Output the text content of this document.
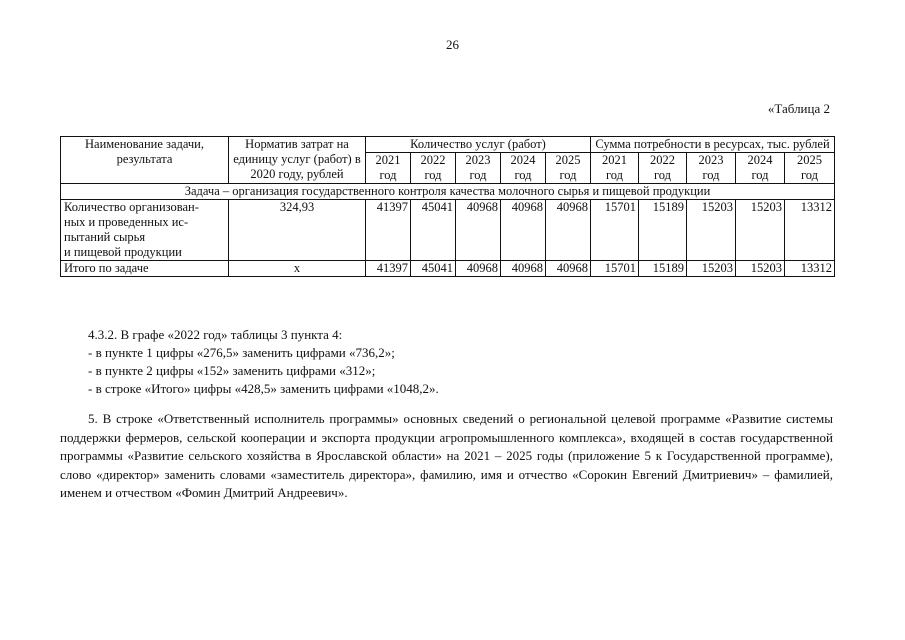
26
«Таблица 2
Наименование задачи, результата	Норматив затрат на единицу услуг (работ) в 2020 году, рублей	Количество услуг (работ)					Сумма потребности в ресурсах, тыс. рублей				
		2021	2022	2023	2024	2025	2021	2022	2023	2024	2025
		год	год	год	год	год	год	год	год	год	год
Задача – организация государственного контроля качества молочного сырья и пищевой продукции											
Количество организован-
ных и проведенных ис-
пытаний сырья
и пищевой продукции	324,93	41397	45041	40968	40968	40968	15701	15189	15203	15203	13312
Итого по задаче	х	41397	45041	40968	40968	40968	15701	15189	15203	15203	13312

4.3.2. В графе «2022 год» таблицы 3 пункта 4:

- в пункте 1 цифры «276,5» заменить цифрами «736,2»;

- в пункте 2 цифры «152» заменить цифрами «312»;

- в строке «Итого» цифры «428,5» заменить цифрами «1048,2».

5. В строке «Ответственный исполнитель программы» основных сведений о региональной целевой программе «Развитие системы поддержки фермеров, сельской кооперации и экспорта продукции агропромышленного комплекса», входящей в состав государственной программы «Развитие сельского хозяйства в Ярославской области» на 2021 – 2025 годы (приложение 5 к Государственной программе), слово «директор» заменить словами «заместитель директора», фамилию, имя и отчество «Сорокин Евгений Дмитриевич» – фамилией, именем и отчеством «Фомин Дмитрий Андреевич».
